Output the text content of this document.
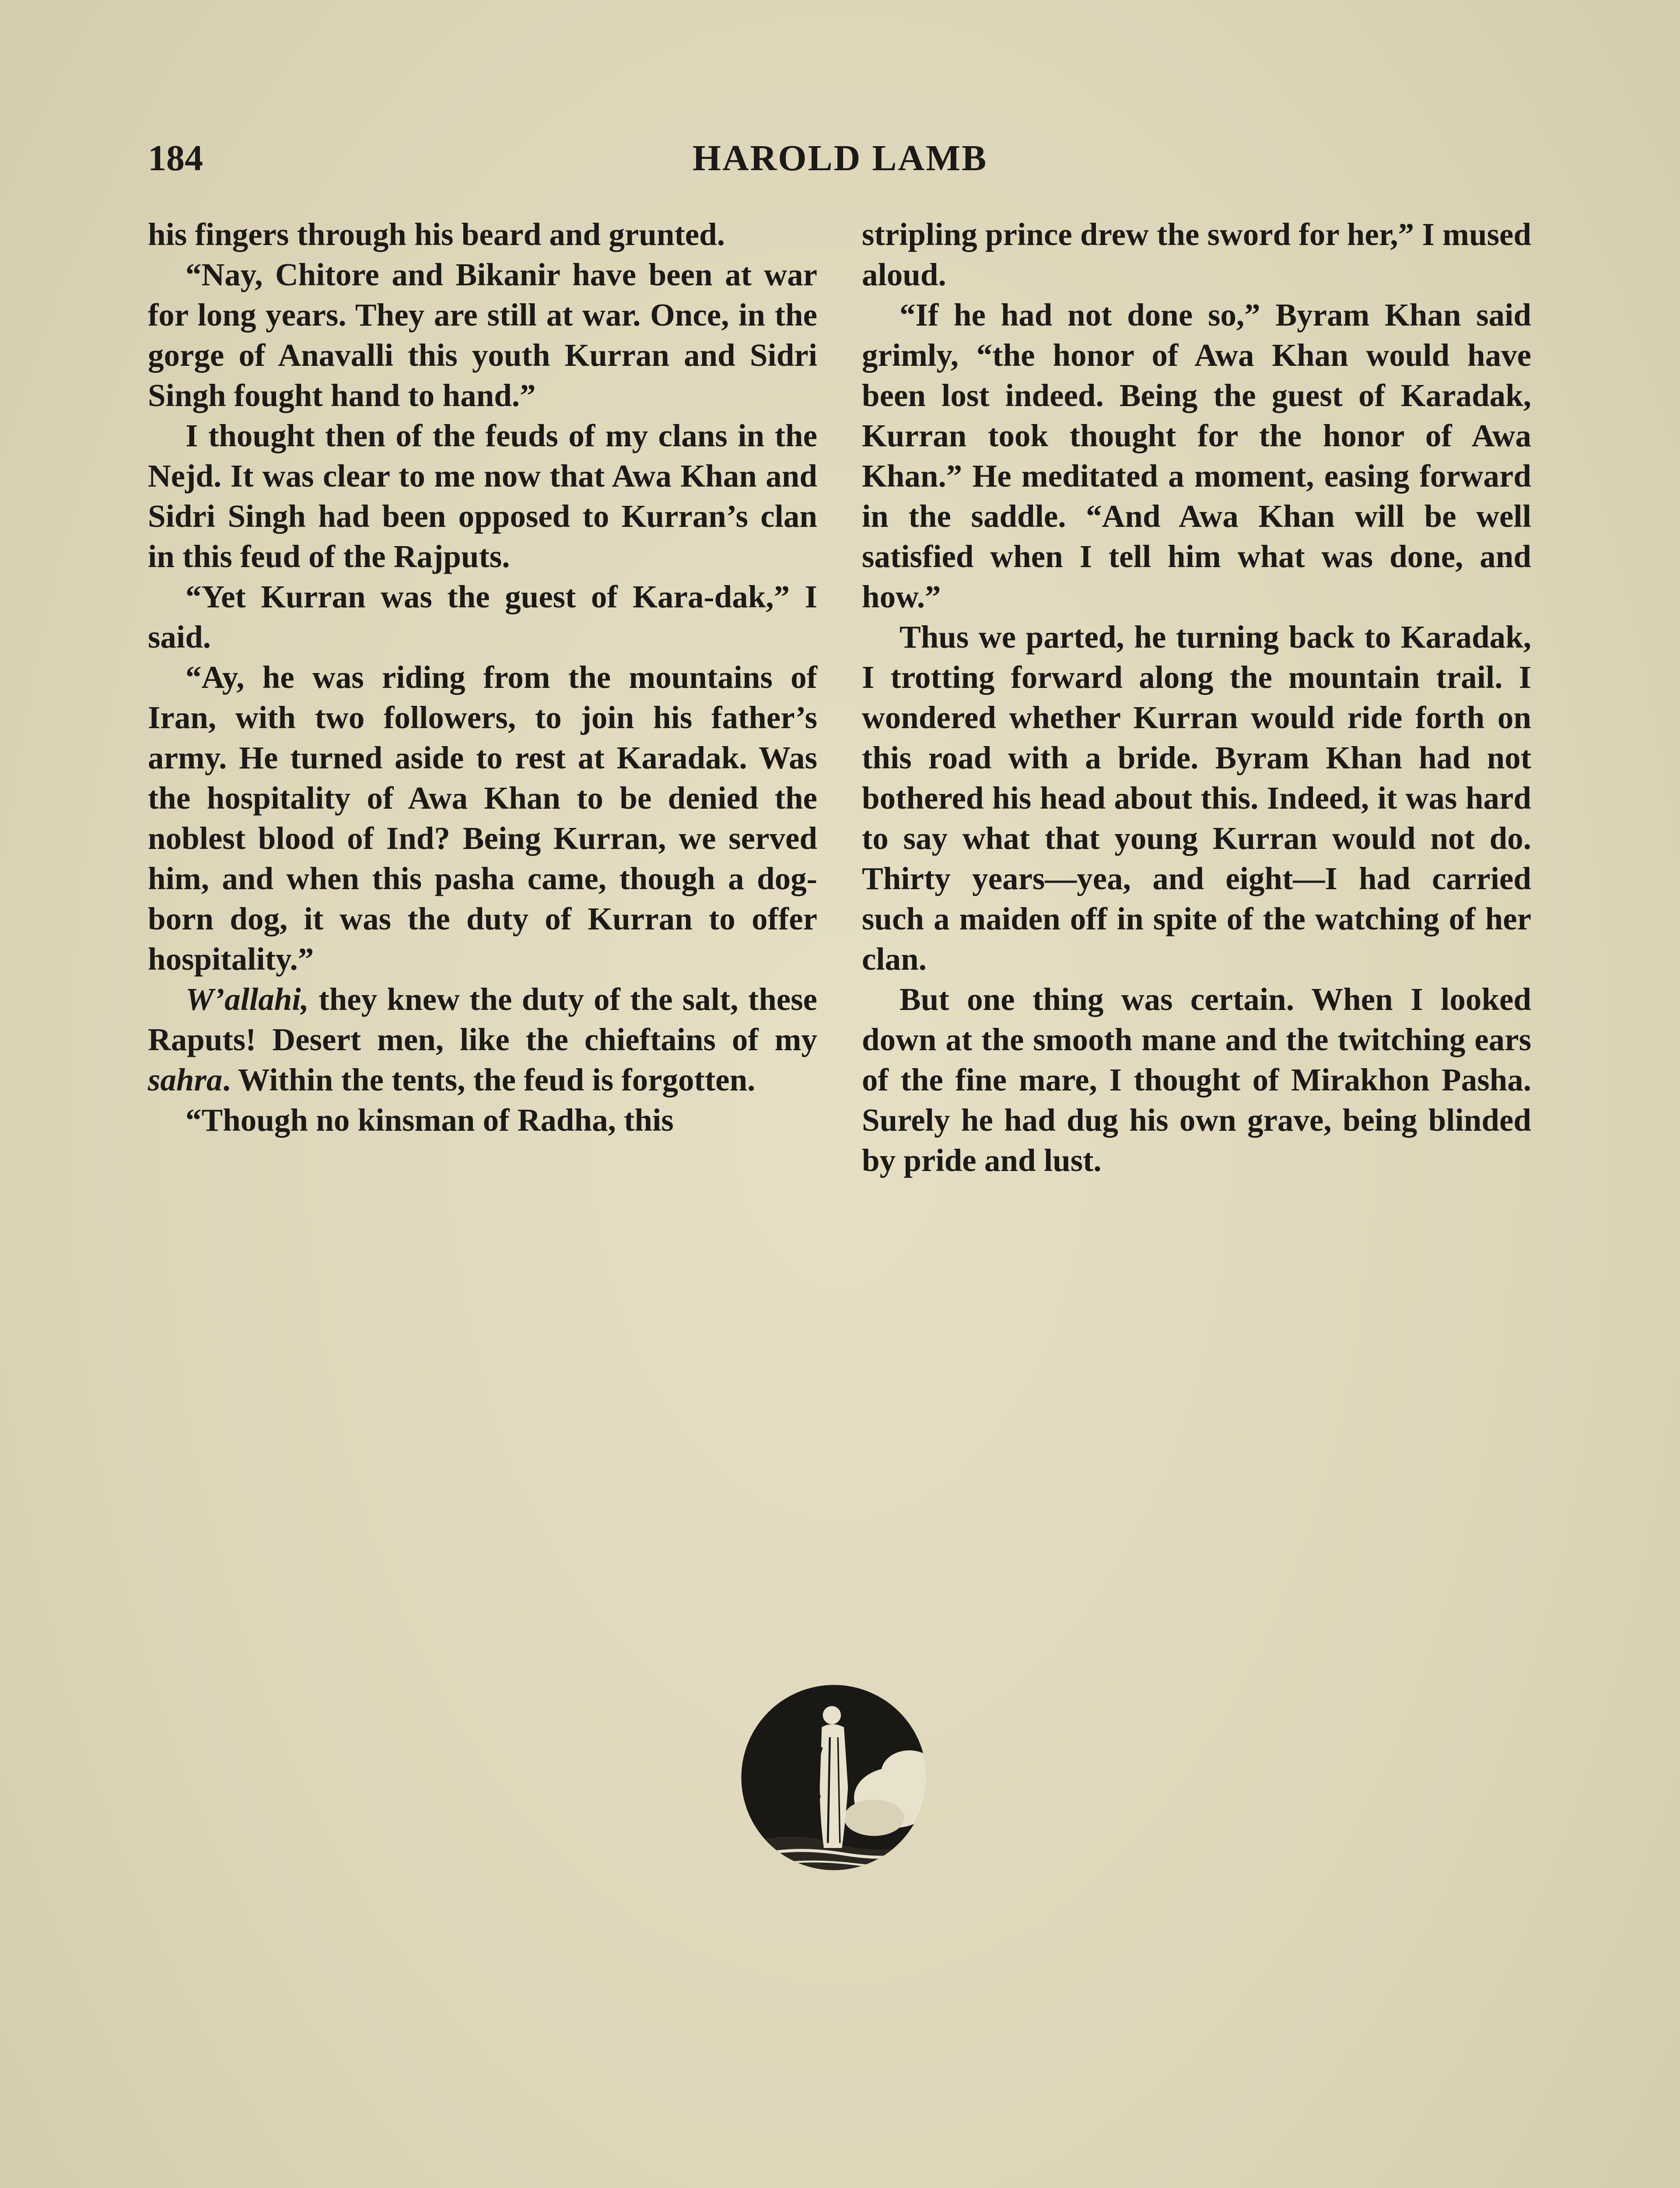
184	HAROLD LAMB

his fingers through his beard and grunted.

“Nay, Chitore and Bikanir have been at war for long years. They are still at war. Once, in the gorge of Anavalli this youth Kurran and Sidri Singh fought hand to hand.”

I thought then of the feuds of my clans in the Nejd. It was clear to me now that Awa Khan and Sidri Singh had been opposed to Kurran’s clan in this feud of the Rajputs.

“Yet Kurran was the guest of Kara-dak,” I said.

“Ay, he was riding from the mountains of Iran, with two followers, to join his father’s army. He turned aside to rest at Karadak. Was the hospitality of Awa Khan to be denied the noblest blood of Ind? Being Kurran, we served him, and when this pasha came, though a dog-born dog, it was the duty of Kurran to offer hospitality.”

W’allahi, they knew the duty of the salt, these Raputs! Desert men, like the chieftains of my sahra. Within the tents, the feud is forgotten.

“Though no kinsman of Radha, this

stripling prince drew the sword for her,” I mused aloud.

“If he had not done so,” Byram Khan said grimly, “the honor of Awa Khan would have been lost indeed. Being the guest of Karadak, Kurran took thought for the honor of Awa Khan.” He meditated a moment, easing forward in the saddle. “And Awa Khan will be well satisfied when I tell him what was done, and how.”

Thus we parted, he turning back to Karadak, I trotting forward along the mountain trail. I wondered whether Kurran would ride forth on this road with a bride. Byram Khan had not bothered his head about this. Indeed, it was hard to say what that young Kurran would not do. Thirty years—yea, and eight—I had carried such a maiden off in spite of the watching of her clan.

But one thing was certain. When I looked down at the smooth mane and the twitching ears of the fine mare, I thought of Mirakhon Pasha. Surely he had dug his own grave, being blinded by pride and lust.
